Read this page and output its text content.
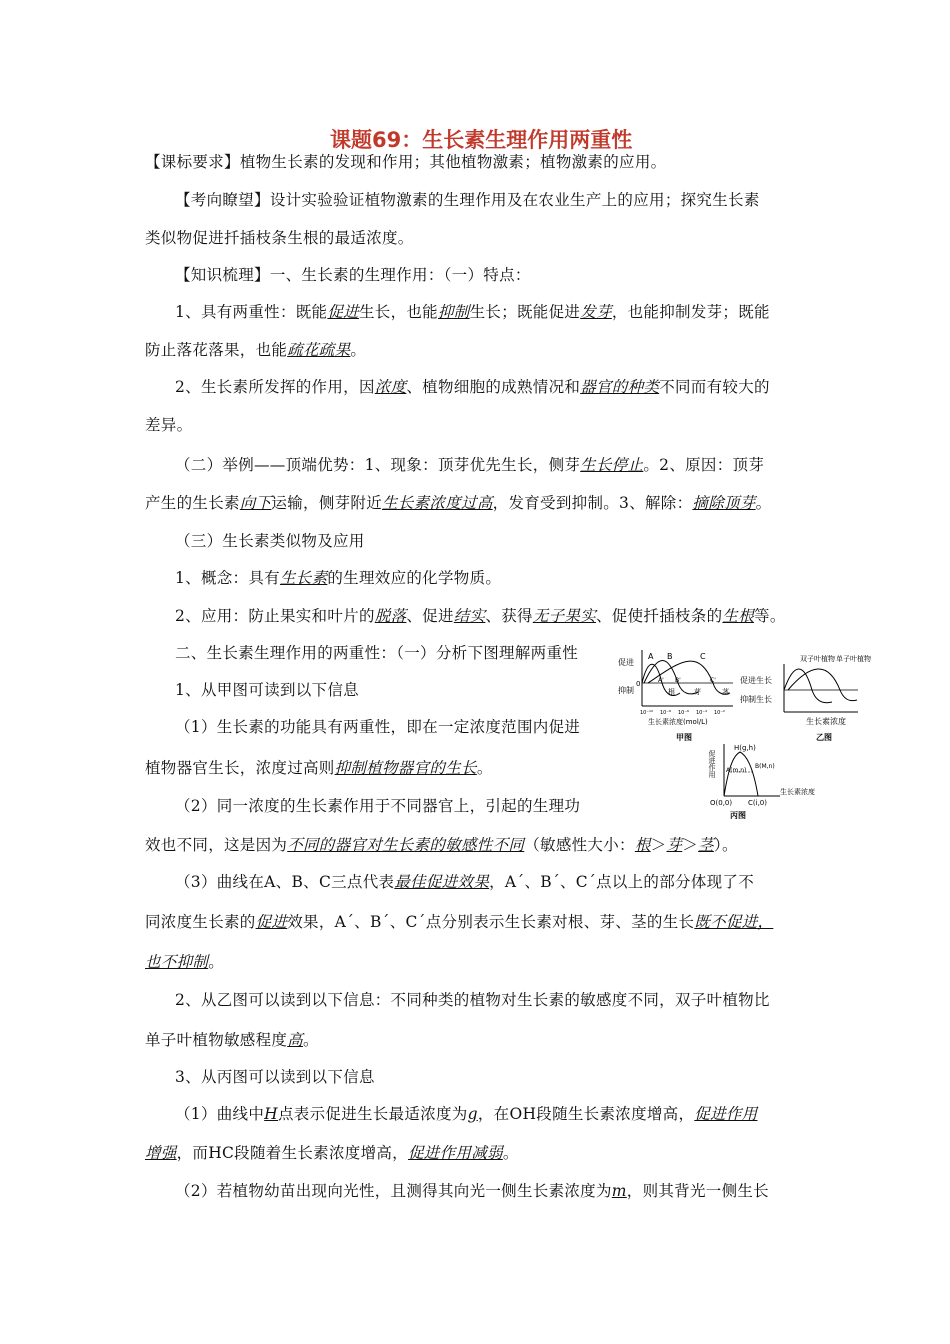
课题69：生长素生理作用两重性
【课标要求】植物生长素的发现和作用；其他植物激素；植物激素的应用。
【考向瞭望】设计实验验证植物激素的生理作用及在农业生产上的应用；探究生长素
类似物促进扦插枝条生根的最适浓度。
【知识梳理】一、生长素的生理作用：（一）特点：
1、具有两重性：既能促进生长，也能抑制生长；既能促进发芽，也能抑制发芽；既能
防止落花落果，也能疏花疏果。
2、生长素所发挥的作用，因浓度、植物细胞的成熟情况和器官的种类不同而有较大的
差异。
（二）举例——顶端优势：1、现象：顶芽优先生长，侧芽生长停止。2、原因：顶芽
产生的生长素向下运输，侧芽附近生长素浓度过高，发育受到抑制。3、解除：摘除顶芽。
（三）生长素类似物及应用
1、概念：具有生长素的生理效应的化学物质。
2、应用：防止果实和叶片的脱落、促进结实、获得无子果实、促使扦插枝条的生根等。
二、生长素生理作用的两重性：（一）分析下图理解两重性
1、从甲图可读到以下信息
（1）生长素的功能具有两重性，即在一定浓度范围内促进
植物器官生长，浓度过高则抑制植物器官的生长。
（2）同一浓度的生长素作用于不同器官上，引起的生理功
效也不同，这是因为不同的器官对生长素的敏感性不同（敏感性大小：根＞芽＞茎）。
（3）曲线在A、B、C三点代表最佳促进效果，Aˊ、Bˊ、Cˊ点以上的部分体现了不
同浓度生长素的促进效果，Aˊ、Bˊ、Cˊ点分别表示生长素对根、芽、茎的生长既不促进，
也不抑制。
2、从乙图可以读到以下信息：不同种类的植物对生长素的敏感度不同，双子叶植物比
单子叶植物敏感程度高。
3、从丙图可以读到以下信息
（1）曲线中H点表示促进生长最适浓度为g，在OH段随生长素浓度增高，促进作用
增强，而HC段随着生长素浓度增高，促进作用减弱。
（2）若植物幼苗出现向光性，且测得其向光一侧生长素浓度为m，则其背光一侧生长
促进
抑制
0
A B	C
A' B'	C'
根	芽	茎
10⁻¹⁰ 10⁻⁸ 10⁻⁶ 10⁻⁴ 10⁻²
生长素浓度(mol/L)
甲图
双子叶植物 单子叶植物
促进生长
抑制生长
生长素浓度
乙图
促进作用
H(g,h)
A(m,n)
B(M,n)
生长素浓度
O(0,0) C(i,0)
丙图
